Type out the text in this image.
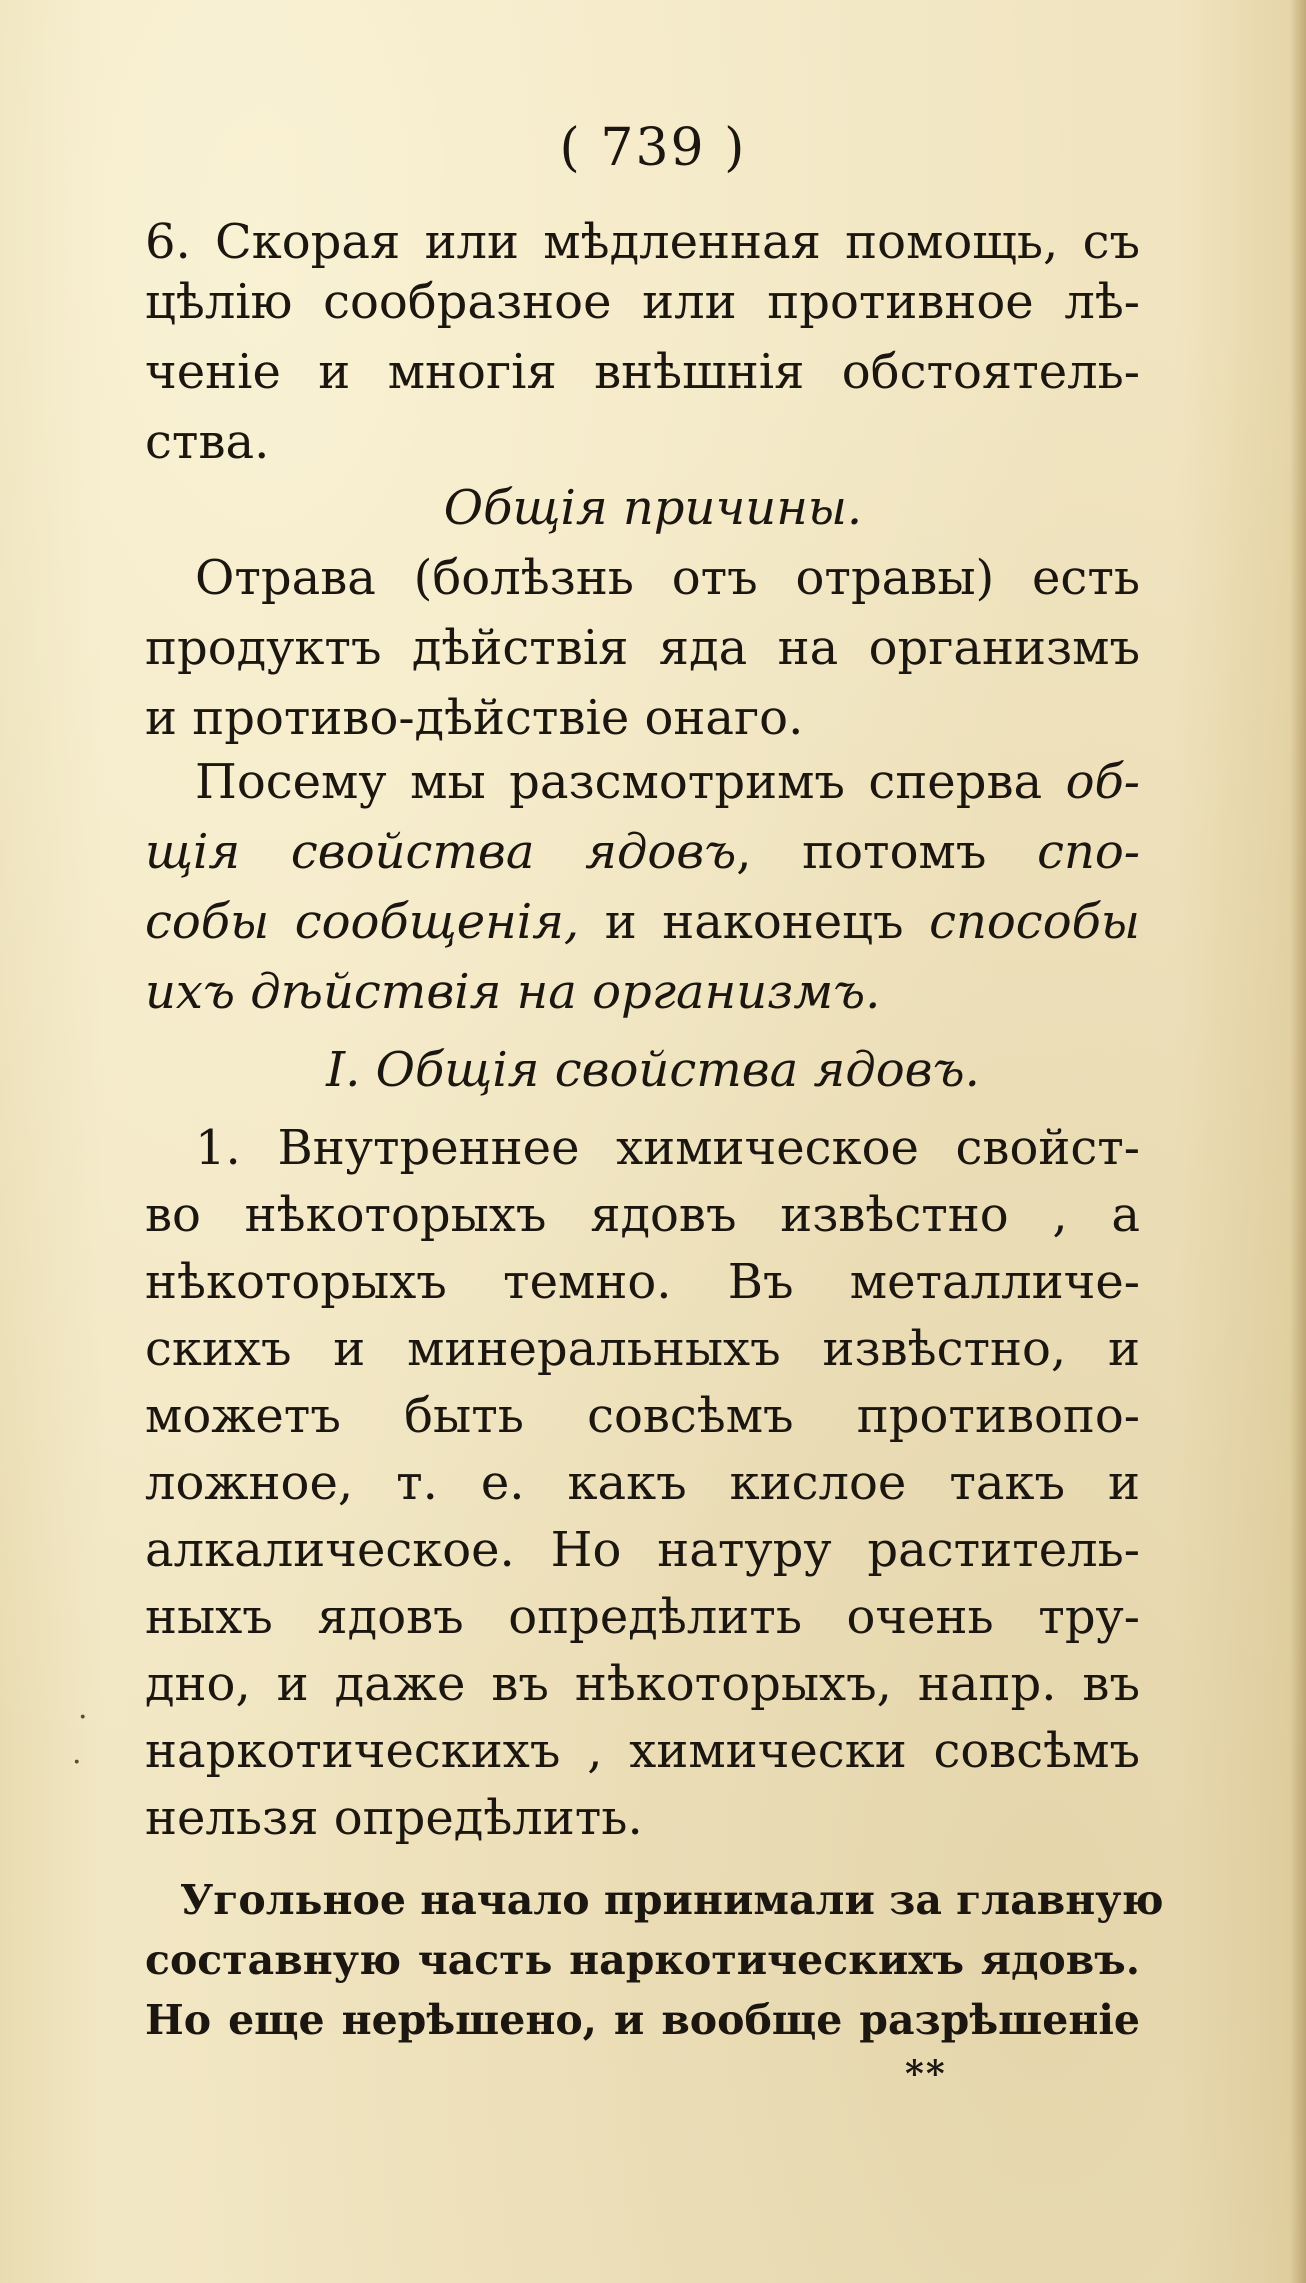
( 739 )
6. Скорая или мѣдленная помощь, съ
цѣлію сообразное или противное лѣ-
ченіе и многія внѣшнія обстоятель-
ства.
Общія причины.
Отрава (болѣзнь отъ отравы) есть
продуктъ дѣйствія яда на организмъ
и противо-дѣйствіе онаго.
Посему мы разсмотримъ сперва об-
щія свойства ядовъ, потомъ спо-
собы сообщенія, и наконецъ способы
ихъ дѣйствія на организмъ.
I. Общія свойства ядовъ.
1. Внутреннее химическое свойст-
во нѣкоторыхъ ядовъ извѣстно , а
нѣкоторыхъ темно. Въ металличе-
скихъ и минеральныхъ извѣстно, и
можетъ быть совсѣмъ противопо-
ложное, т. е. какъ кислое такъ и
алкалическое. Но натуру раститель-
ныхъ ядовъ опредѣлить очень тру-
дно, и даже въ нѣкоторыхъ, напр. въ
наркотическихъ , химически совсѣмъ
нельзя опредѣлить.
Угольное начало принимали за главную
составную часть наркотическихъ ядовъ.
Но еще нерѣшено, и вообще разрѣшеніе
**
·
·
